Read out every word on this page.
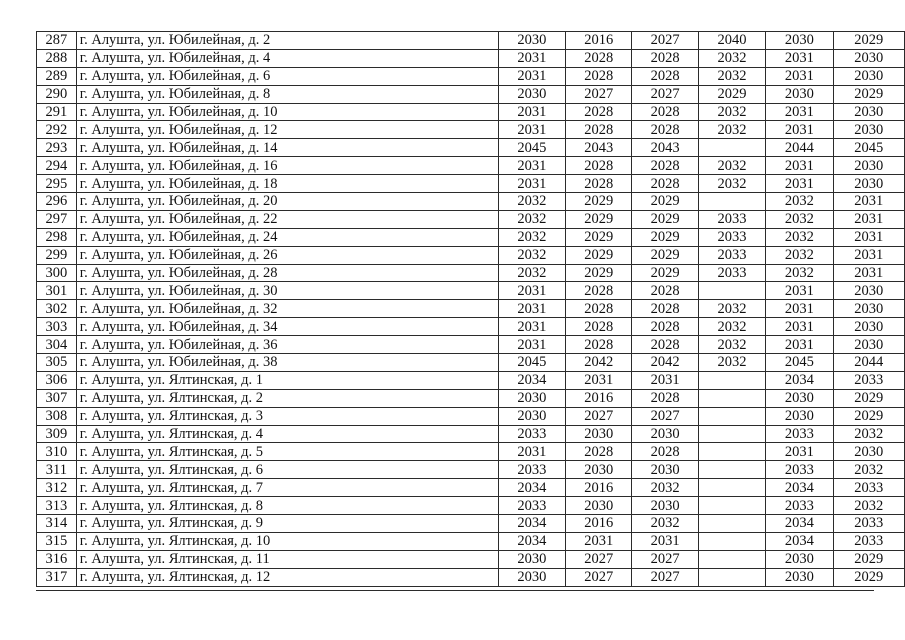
287	г. Алушта, ул. Юбилейная, д. 2	2030	2016	2027	2040	2030	2029
288	г. Алушта, ул. Юбилейная, д. 4	2031	2028	2028	2032	2031	2030
289	г. Алушта, ул. Юбилейная, д. 6	2031	2028	2028	2032	2031	2030
290	г. Алушта, ул. Юбилейная, д. 8	2030	2027	2027	2029	2030	2029
291	г. Алушта, ул. Юбилейная, д. 10	2031	2028	2028	2032	2031	2030
292	г. Алушта, ул. Юбилейная, д. 12	2031	2028	2028	2032	2031	2030
293	г. Алушта, ул. Юбилейная, д. 14	2045	2043	2043		2044	2045
294	г. Алушта, ул. Юбилейная, д. 16	2031	2028	2028	2032	2031	2030
295	г. Алушта, ул. Юбилейная, д. 18	2031	2028	2028	2032	2031	2030
296	г. Алушта, ул. Юбилейная, д. 20	2032	2029	2029		2032	2031
297	г. Алушта, ул. Юбилейная, д. 22	2032	2029	2029	2033	2032	2031
298	г. Алушта, ул. Юбилейная, д. 24	2032	2029	2029	2033	2032	2031
299	г. Алушта, ул. Юбилейная, д. 26	2032	2029	2029	2033	2032	2031
300	г. Алушта, ул. Юбилейная, д. 28	2032	2029	2029	2033	2032	2031
301	г. Алушта, ул. Юбилейная, д. 30	2031	2028	2028		2031	2030
302	г. Алушта, ул. Юбилейная, д. 32	2031	2028	2028	2032	2031	2030
303	г. Алушта, ул. Юбилейная, д. 34	2031	2028	2028	2032	2031	2030
304	г. Алушта, ул. Юбилейная, д. 36	2031	2028	2028	2032	2031	2030
305	г. Алушта, ул. Юбилейная, д. 38	2045	2042	2042	2032	2045	2044
306	г. Алушта, ул. Ялтинская, д. 1	2034	2031	2031		2034	2033
307	г. Алушта, ул. Ялтинская, д. 2	2030	2016	2028		2030	2029
308	г. Алушта, ул. Ялтинская, д. 3	2030	2027	2027		2030	2029
309	г. Алушта, ул. Ялтинская, д. 4	2033	2030	2030		2033	2032
310	г. Алушта, ул. Ялтинская, д. 5	2031	2028	2028		2031	2030
311	г. Алушта, ул. Ялтинская, д. 6	2033	2030	2030		2033	2032
312	г. Алушта, ул. Ялтинская, д. 7	2034	2016	2032		2034	2033
313	г. Алушта, ул. Ялтинская, д. 8	2033	2030	2030		2033	2032
314	г. Алушта, ул. Ялтинская, д. 9	2034	2016	2032		2034	2033
315	г. Алушта, ул. Ялтинская, д. 10	2034	2031	2031		2034	2033
316	г. Алушта, ул. Ялтинская, д. 11	2030	2027	2027		2030	2029
317	г. Алушта, ул. Ялтинская, д. 12	2030	2027	2027		2030	2029
